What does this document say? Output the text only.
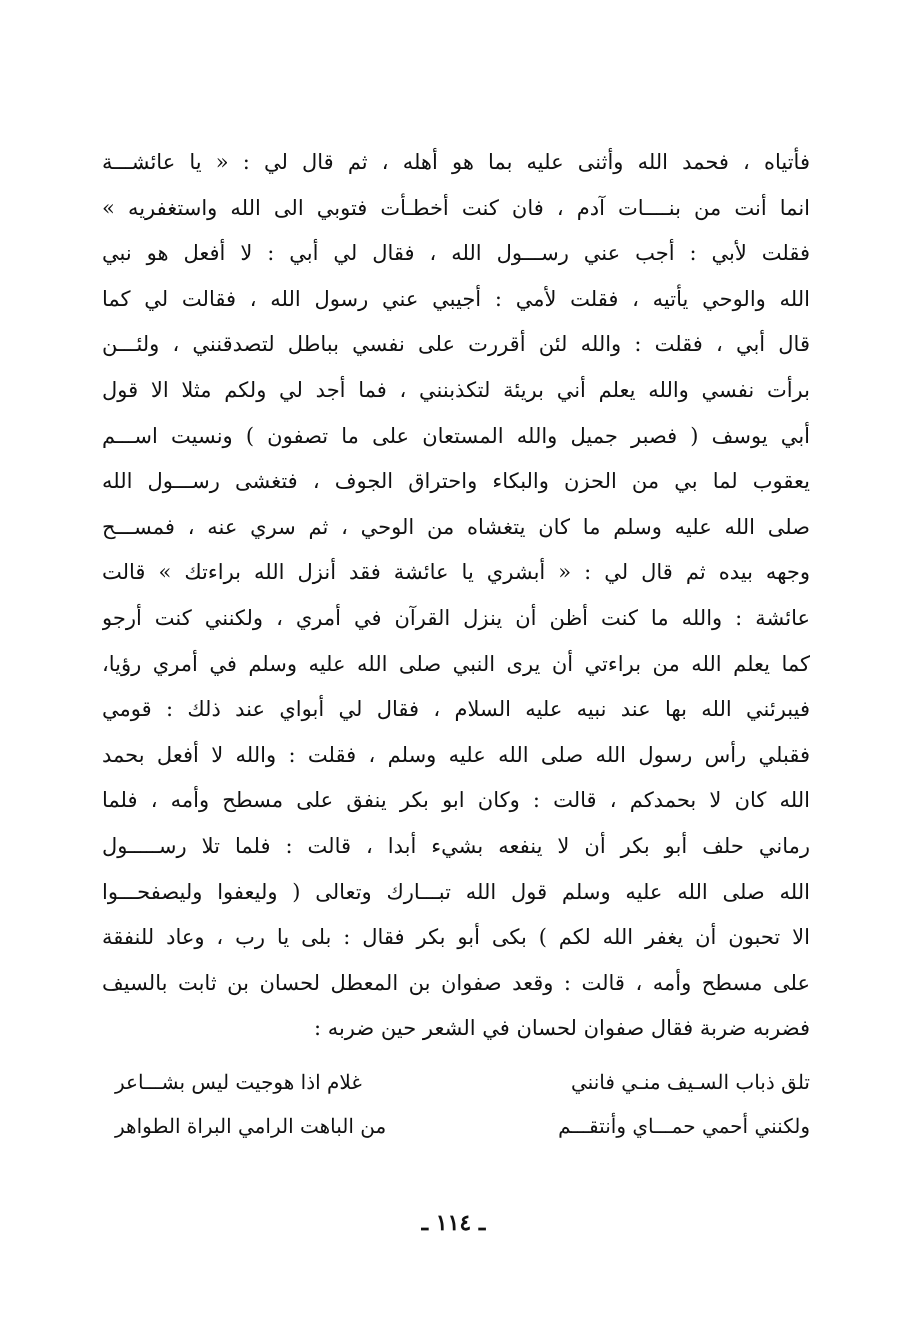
فأتياه ، فحمد الله وأثنى عليه بما هو أهله ، ثم قال لي : « يا عائشـــة
انما أنت من بنــــات آدم ، فان كنت أخطـأت فتوبي الى الله واستغفريه »
فقلت لأبي : أجب عني رســـول الله ، فقال لي أبي : لا أفعل هو نبي
الله والوحي يأتيه ، فقلت لأمي : أجيبي عني رسول الله ، فقالت لي كما
قال أبي ، فقلت : والله لئن أقررت على نفسي بباطل لتصدقنني ، ولئـــن
برأت نفسي والله يعلم أني بريئة لتكذبنني ، فما أجد لي ولكم مثلا الا قول
أبي يوسف ( فصبر جميل والله المستعان على ما تصفون ) ونسيت اســـم
يعقوب لما بي من الحزن والبكاء واحتراق الجوف ، فتغشى رســـول الله
صلى الله عليه وسلم ما كان يتغشاه من الوحي ، ثم سري عنه ، فمســـح
وجهه بيده ثم قال لي : « أبشري يا عائشة فقد أنزل الله براءتك » قالت
عائشة : والله ما كنت أظن أن ينزل القرآن في أمري ، ولكنني كنت أرجو
كما يعلم الله من براءتي أن يرى النبي صلى الله عليه وسلم في أمري رؤيا،
فيبرئني الله بها عند نبيه عليه السلام ، فقال لي أبواي عند ذلك : قومي
فقبلي رأس رسول الله صلى الله عليه وسلم ، فقلت : والله لا أفعل بحمد
الله كان لا بحمدكم ، قالت : وكان ابو بكر ينفق على مسطح وأمه ، فلما
رماني حلف أبو بكر أن لا ينفعه بشيء أبدا ، قالت : فلما تلا رســـــول
الله صلى الله عليه وسلم قول الله تبـــارك وتعالى ( وليعفوا وليصفحـــوا
الا تحبون أن يغفر الله لكم ) بكى أبو بكر فقال : بلى يا رب ، وعاد للنفقة
على مسطح وأمه ، قالت : وقعد صفوان بن المعطل لحسان بن ثابت بالسيف
فضربه ضربة فقال صفوان لحسان في الشعر حين ضربه :
تلق ذباب السـيف منـي فانني
غلام اذا هوجيت ليس بشـــاعر
ولكنني أحمي حمـــاي وأنتقـــم
من الباهت الرامي البراة الطواهر
ـ ١١٤ ـ
